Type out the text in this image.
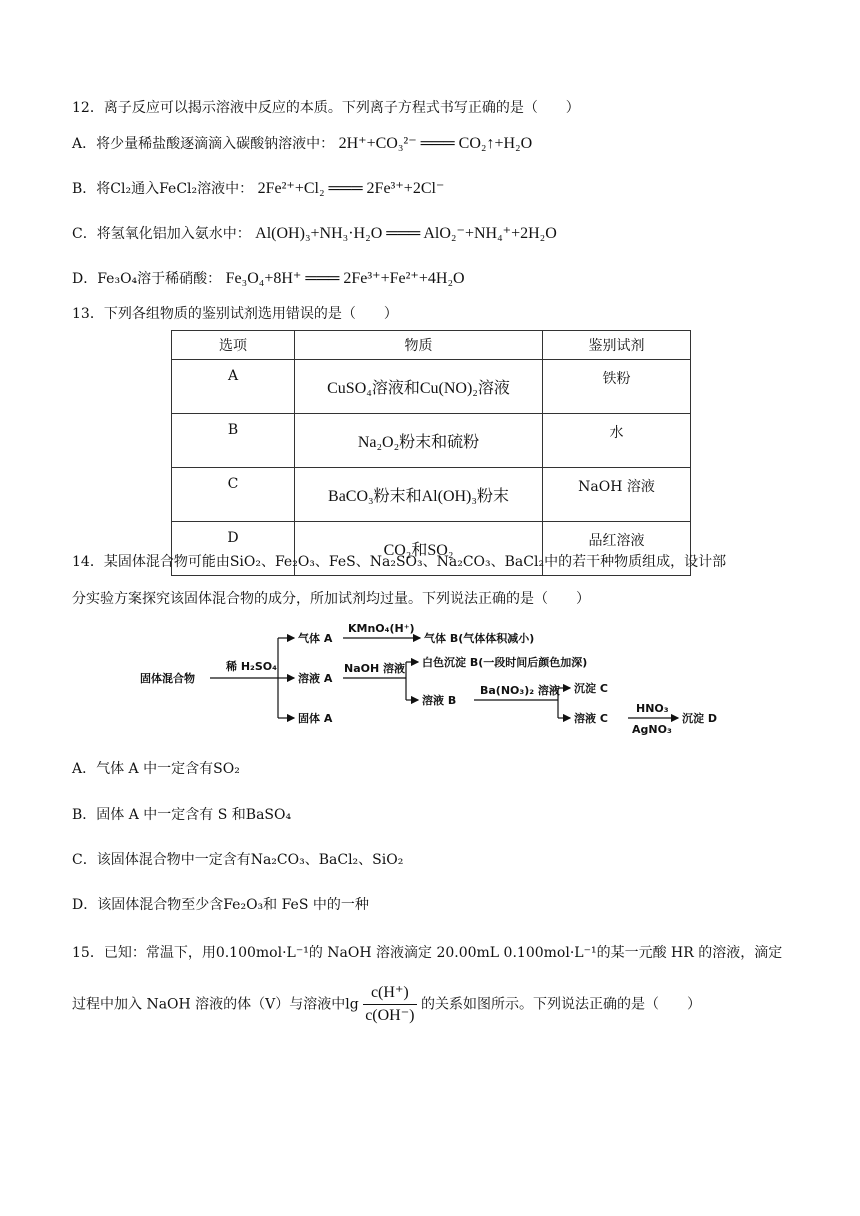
12．离子反应可以揭示溶液中反应的本质。下列离子方程式书写正确的是（　　）
A．将少量稀盐酸逐滴滴入碳酸钠溶液中： 2H⁺+CO₃²⁻ ═══ CO₂↑+H₂O
B．将Cl₂通入FeCl₂溶液中： 2Fe²⁺+Cl₂ ═══ 2Fe³⁺+2Cl⁻
C．将氢氧化铝加入氨水中： Al(OH)₃+NH₃·H₂O ═══ AlO₂⁻+NH₄⁺+2H₂O
D．Fe₃O₄溶于稀硝酸： Fe₃O₄+8H⁺ ═══ 2Fe³⁺+Fe²⁺+4H₂O
13．下列各组物质的鉴别试剂选用错误的是（　　）
选项	物质	鉴别试剂
A	CuSO₄溶液和Cu(NO)₂溶液	铁粉
B	Na₂O₂粉末和硫粉	水
C	BaCO₃粉末和Al(OH)₃粉末	NaOH 溶液
D	CO₂和SO₂	品红溶液
14．某固体混合物可能由SiO₂、Fe₂O₃、FeS、Na₂SO₃、Na₂CO₃、BaCl₂中的若干种物质组成，设计部
分实验方案探究该固体混合物的成分，所加试剂均过量。下列说法正确的是（　　）
固体混合物
稀 H₂SO₄
气体 A
KMnO₄(H⁺)
气体 B(气体体积减小)
溶液 A
NaOH 溶液 白色沉淀 B(一段时间后颜色加深)
溶液 B
Ba(NO₃)₂ 溶液 沉淀 C
溶液 C
HNO₃
AgNO₃
沉淀 D
固体 A
A．气体 A 中一定含有SO₂
B．固体 A 中一定含有 S 和BaSO₄
C．该固体混合物中一定含有Na₂CO₃、BaCl₂、SiO₂
D．该固体混合物至少含Fe₂O₃和 FeS 中的一种
15．已知：常温下，用0.100mol·L⁻¹的 NaOH 溶液滴定 20.00mL 0.100mol·L⁻¹的某一元酸 HR 的溶液，滴定
过程中加入 NaOH 溶液的体（V）与溶液中$\lg \frac{c(H^+)}{c(OH^-)}$ 的关系如图所示。下列说法正确的是（　　）
